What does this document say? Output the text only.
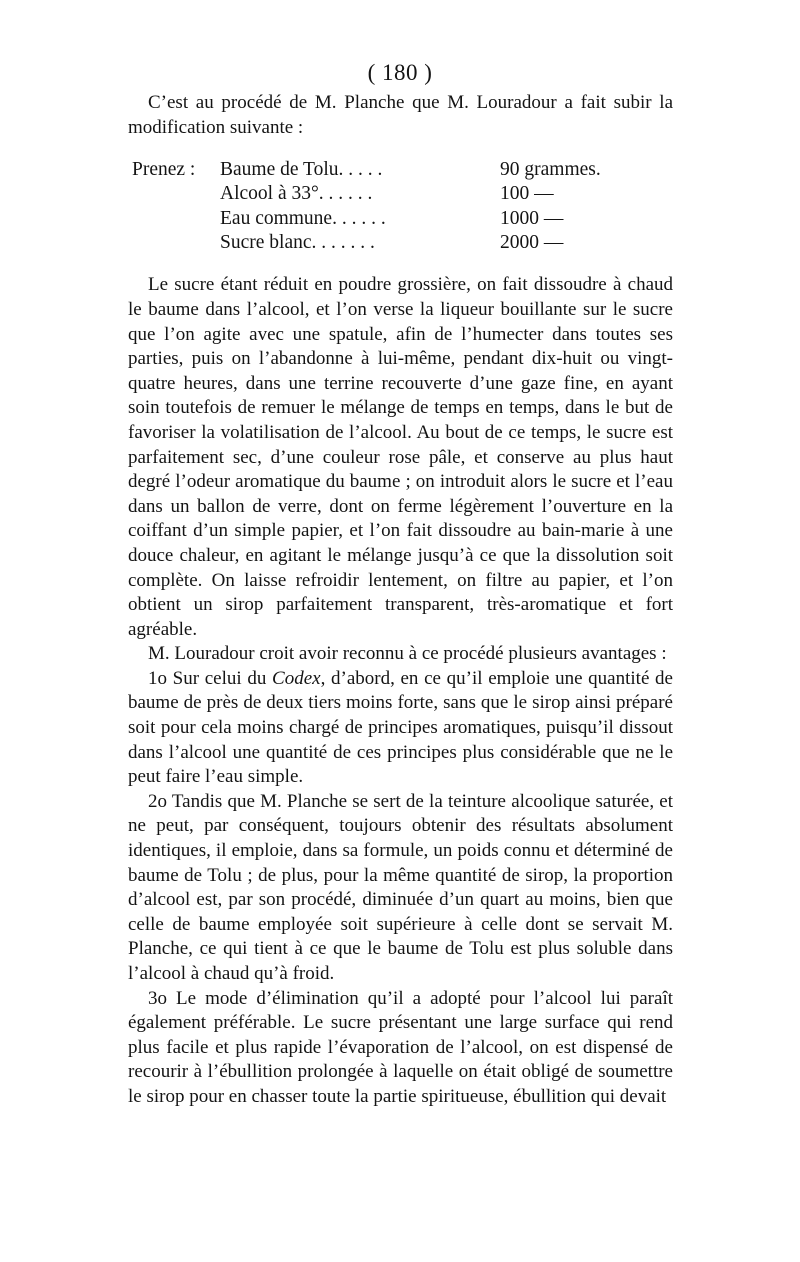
( 180 )

C’est au procédé de M. Planche que M. Louradour a fait subir la modification suivante :

Prenez :	Baume de Tolu. . . . .	90 grammes.
Alcool à 33°. . . . . .	100 —
Eau commune. . . . . .	1000 —
Sucre blanc. . . . . . .	2000 —

Le sucre étant réduit en poudre grossière, on fait dissoudre à chaud le baume dans l’alcool, et l’on verse la liqueur bouillante sur le sucre que l’on agite avec une spatule, afin de l’humecter dans toutes ses parties, puis on l’abandonne à lui-même, pendant dix-huit ou vingt-quatre heures, dans une terrine recouverte d’une gaze fine, en ayant soin toutefois de remuer le mélange de temps en temps, dans le but de favoriser la volatilisation de l’alcool. Au bout de ce temps, le sucre est parfaitement sec, d’une couleur rose pâle, et conserve au plus haut degré l’odeur aromatique du baume ; on introduit alors le sucre et l’eau dans un ballon de verre, dont on ferme légèrement l’ouverture en la coiffant d’un simple papier, et l’on fait dissoudre au bain-marie à une douce chaleur, en agitant le mélange jusqu’à ce que la dissolution soit complète. On laisse refroidir lentement, on filtre au papier, et l’on obtient un sirop parfaitement transparent, très-aromatique et fort agréable.

M. Louradour croit avoir reconnu à ce procédé plusieurs avantages :

1o Sur celui du Codex, d’abord, en ce qu’il emploie une quantité de baume de près de deux tiers moins forte, sans que le sirop ainsi préparé soit pour cela moins chargé de principes aromatiques, puisqu’il dissout dans l’alcool une quantité de ces principes plus considérable que ne le peut faire l’eau simple.

2o Tandis que M. Planche se sert de la teinture alcoolique saturée, et ne peut, par conséquent, toujours obtenir des résultats absolument identiques, il emploie, dans sa formule, un poids connu et déterminé de baume de Tolu ; de plus, pour la même quantité de sirop, la proportion d’alcool est, par son procédé, diminuée d’un quart au moins, bien que celle de baume employée soit supérieure à celle dont se servait M. Planche, ce qui tient à ce que le baume de Tolu est plus soluble dans l’alcool à chaud qu’à froid.

3o Le mode d’élimination qu’il a adopté pour l’alcool lui paraît également préférable. Le sucre présentant une large surface qui rend plus facile et plus rapide l’évaporation de l’alcool, on est dispensé de recourir à l’ébullition prolongée à laquelle on était obligé de soumettre le sirop pour en chasser toute la partie spiritueuse, ébullition qui devait
